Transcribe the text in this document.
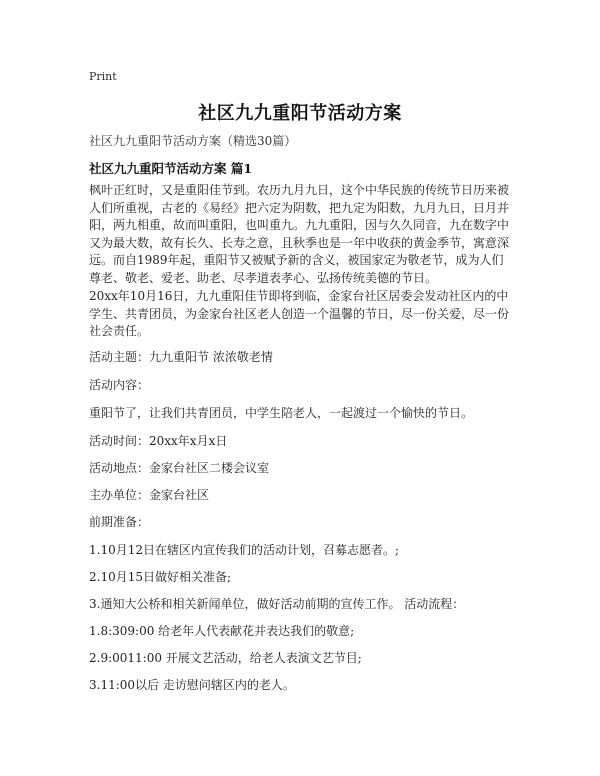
Print
社区九九重阳节活动方案
社区九九重阳节活动方案（精选30篇）
社区九九重阳节活动方案 篇1
枫叶正红时，又是重阳佳节到。农历九月九日，这个中华民族的传统节日历来被人们所重视，古老的《易经》把六定为阴数，把九定为阳数，九月九日，日月并阳，两九相重，故而叫重阳，也叫重九。九九重阳，因与久久同音，九在数字中又为最大数，故有长久、长寿之意，且秋季也是一年中收获的黄金季节，寓意深远。而自1989年起，重阳节又被赋予新的含义，被国家定为敬老节，成为人们尊老、敬老、爱老、助老、尽孝道表孝心、弘扬传统美德的节日。
20xx年10月16日，九九重阳佳节即将到临，金家台社区居委会发动社区内的中学生、共青团员，为金家台社区老人创造一个温馨的节日，尽一份关爱，尽一份社会责任。
活动主题：九九重阳节 浓浓敬老情
活动内容：
重阳节了，让我们共青团员，中学生陪老人，一起渡过一个愉快的节日。
活动时间：20xx年x月x日
活动地点：金家台社区二楼会议室
主办单位：金家台社区
前期准备：
1.10月12日在辖区内宣传我们的活动计划，召募志愿者。;
2.10月15日做好相关准备;
3.通知大公桥和相关新闻单位，做好活动前期的宣传工作。 活动流程：
1.8:309:00 给老年人代表献花并表达我们的敬意;
2.9:0011:00 开展文艺活动，给老人表演文艺节目;
3.11:00以后 走访慰问辖区内的老人。
